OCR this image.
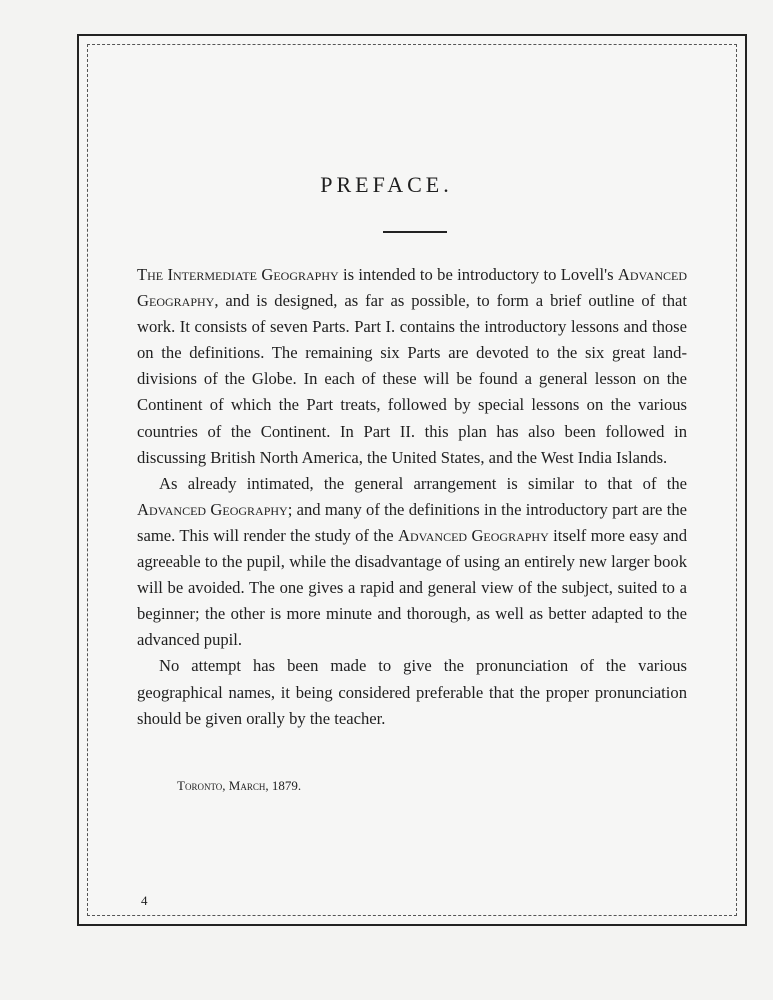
PREFACE.

The Intermediate Geography is intended to be introductory to Lovell's Advanced Geography, and is designed, as far as possible, to form a brief outline of that work. It consists of seven Parts. Part I. contains the introductory lessons and those on the definitions. The remaining six Parts are devoted to the six great land-divisions of the Globe. In each of these will be found a general lesson on the Continent of which the Part treats, followed by special lessons on the various countries of the Continent. In Part II. this plan has also been followed in discussing British North America, the United States, and the West India Islands.

As already intimated, the general arrangement is similar to that of the Advanced Geography; and many of the definitions in the introductory part are the same. This will render the study of the Advanced Geography itself more easy and agreeable to the pupil, while the disadvantage of using an entirely new larger book will be avoided. The one gives a rapid and general view of the subject, suited to a beginner; the other is more minute and thorough, as well as better adapted to the advanced pupil.

No attempt has been made to give the pronunciation of the various geographical names, it being considered preferable that the proper pronunciation should be given orally by the teacher.

Toronto, March, 1879.
4
